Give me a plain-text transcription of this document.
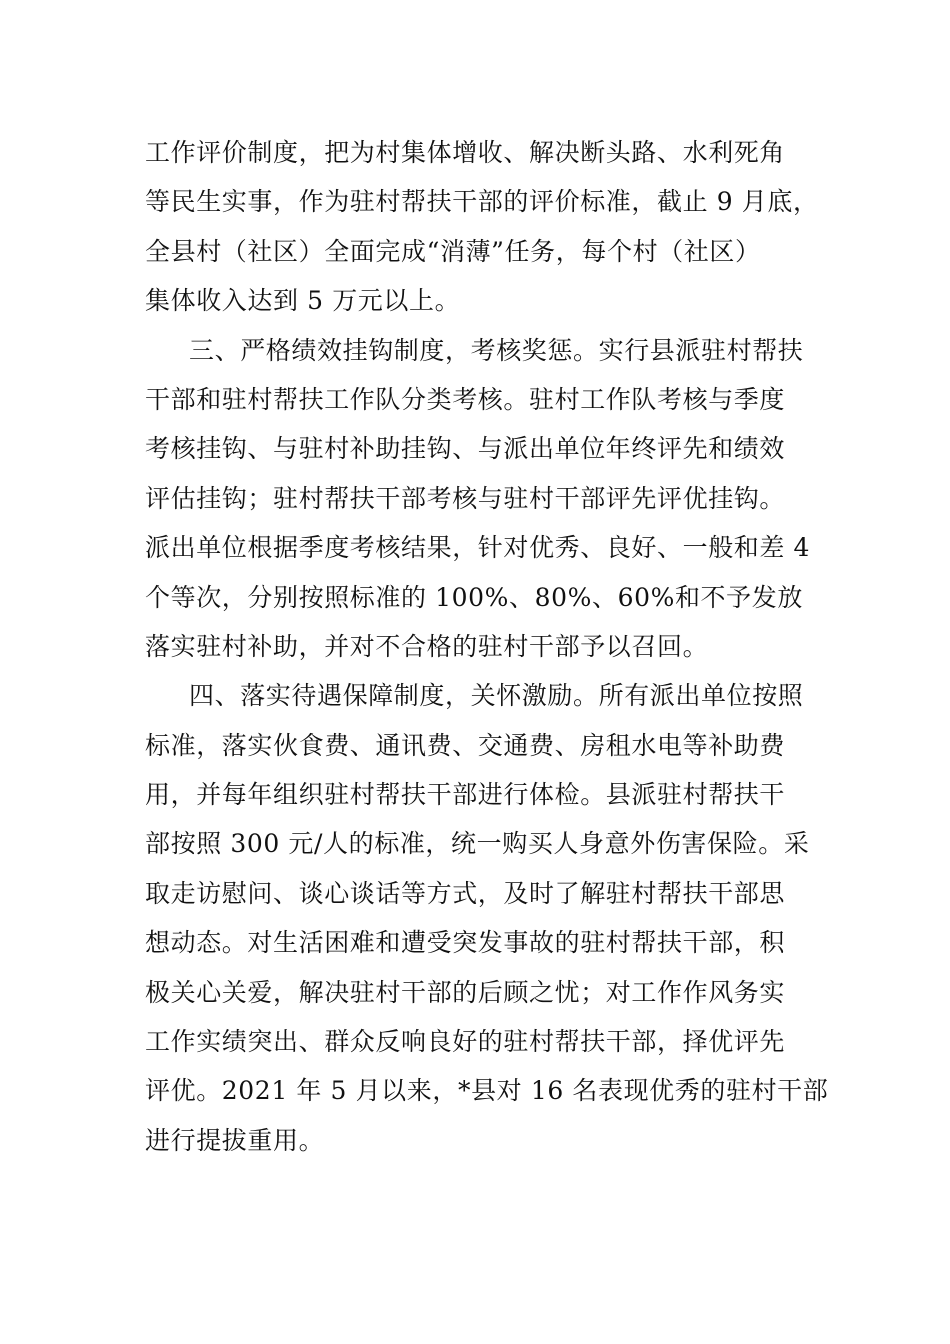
工作评价制度，把为村集体增收、解决断头路、水利死角
等民生实事，作为驻村帮扶干部的评价标准，截止 9 月底，
全县村（社区）全面完成“消薄”任务，每个村（社区）
集体收入达到 5 万元以上。
三、严格绩效挂钩制度，考核奖惩。实行县派驻村帮扶
干部和驻村帮扶工作队分类考核。驻村工作队考核与季度
考核挂钩、与驻村补助挂钩、与派出单位年终评先和绩效
评估挂钩；驻村帮扶干部考核与驻村干部评先评优挂钩。
派出单位根据季度考核结果，针对优秀、良好、一般和差 4
个等次，分别按照标准的 100%、80%、60%和不予发放
落实驻村补助，并对不合格的驻村干部予以召回。
四、落实待遇保障制度，关怀激励。所有派出单位按照
标准，落实伙食费、通讯费、交通费、房租水电等补助费
用，并每年组织驻村帮扶干部进行体检。县派驻村帮扶干
部按照 300 元/人的标准，统一购买人身意外伤害保险。采
取走访慰问、谈心谈话等方式，及时了解驻村帮扶干部思
想动态。对生活困难和遭受突发事故的驻村帮扶干部，积
极关心关爱，解决驻村干部的后顾之忧；对工作作风务实
工作实绩突出、群众反响良好的驻村帮扶干部，择优评先
评优。2021 年 5 月以来，*县对 16 名表现优秀的驻村干部
进行提拔重用。
